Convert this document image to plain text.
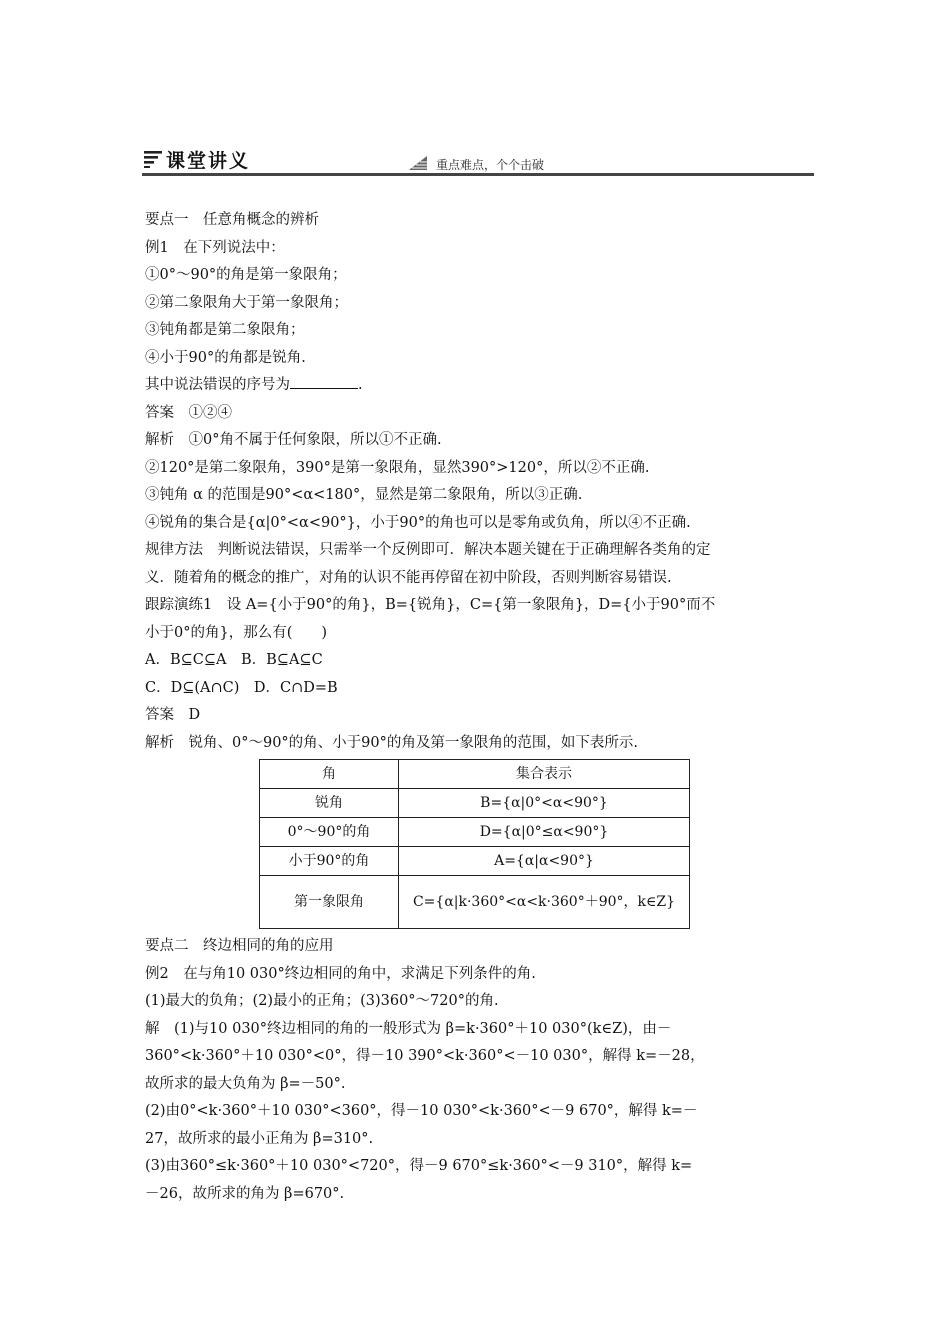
课堂讲义	重点难点，个个击破

要点一　任意角概念的辨析

例1　在下列说法中：

①0°～90°的角是第一象限角；

②第二象限角大于第一象限角；

③钝角都是第二象限角；

④小于90°的角都是锐角.

其中说法错误的序号为	.

答案　①②④

解析　①0°角不属于任何象限，所以①不正确.

②120°是第二象限角，390°是第一象限角，显然390°>120°，所以②不正确.

③钝角 α 的范围是90°<α<180°，显然是第二象限角，所以③正确.

④锐角的集合是{α|0°<α<90°}，小于90°的角也可以是零角或负角，所以④不正确.

规律方法　判断说法错误，只需举一个反例即可．解决本题关键在于正确理解各类角的定

义．随着角的概念的推广，对角的认识不能再停留在初中阶段，否则判断容易错误.

跟踪演练1　设 A={小于90°的角}，B={锐角}，C={第一象限角}，D={小于90°而不

小于0°的角}，那么有(　　)

A．B⊆C⊆A　B．B⊆A⊆C

C．D⊆(A∩C)　D．C∩D=B

答案　D

解析　锐角、0°～90°的角、小于90°的角及第一象限角的范围，如下表所示.

角	集合表示
锐角	B={α|0°<α<90°}
0°～90°的角	D={α|0°≤α<90°}
小于90°的角	A={α|α<90°}
第一象限角	C={α|k·360°<α<k·360°＋90°，k∈Z}

要点二　终边相同的角的应用

例2　在与角10 030°终边相同的角中，求满足下列条件的角.

(1)最大的负角；(2)最小的正角；(3)360°～720°的角.

解　(1)与10 030°终边相同的角的一般形式为 β=k·360°＋10 030°(k∈Z)，由－

360°<k·360°＋10 030°<0°，得－10 390°<k·360°<－10 030°，解得 k=－28，

故所求的最大负角为 β=－50°.

(2)由0°<k·360°＋10 030°<360°，得－10 030°<k·360°<－9 670°，解得 k=－

27，故所求的最小正角为 β=310°.

(3)由360°≤k·360°＋10 030°<720°，得－9 670°≤k·360°<－9 310°，解得 k=

－26，故所求的角为 β=670°.
